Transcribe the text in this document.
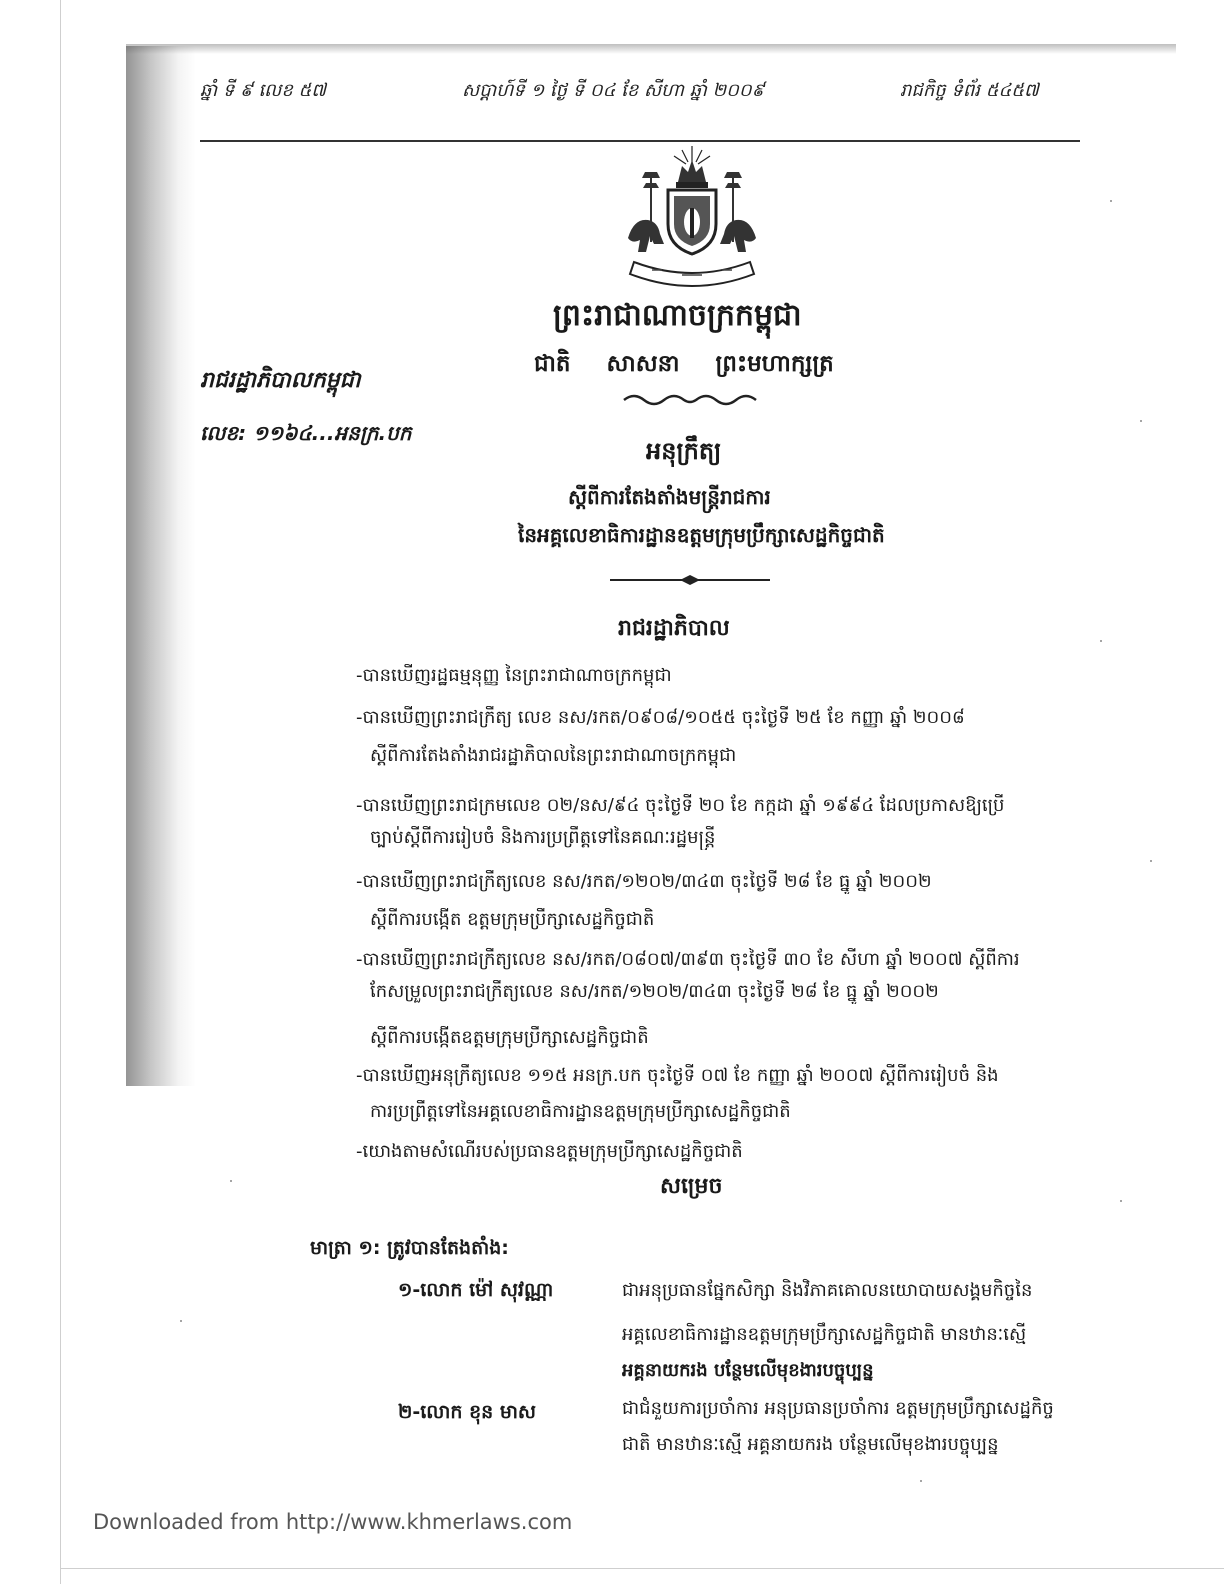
ឆ្នាំ ទី ៩ លេខ ៥៧	សប្តាហ៍ទី ១ ថ្ងៃ ទី ០៤ ខែ សីហា ឆ្នាំ ២០០៩	រាជកិច្ច ទំព័រ ៥៤៥៧
ព្រះរាជាណាចក្រកម្ពុជា
ជាតិ សាសនា ព្រះមហាក្សត្រ
រាជរដ្ឋាភិបាលកម្ពុជា
លេខ: ១១៦៤...អនក្រ.បក
អនុក្រឹត្យ
ស្តីពីការតែងតាំងមន្ត្រីរាជការ
នៃអគ្គលេខាធិការដ្ឋានឧត្តមក្រុមប្រឹក្សាសេដ្ឋកិច្ចជាតិ
រាជរដ្ឋាភិបាល
-បានឃើញរដ្ឋធម្មនុញ្ញ នៃព្រះរាជាណាចក្រកម្ពុជា
-បានឃើញព្រះរាជក្រឹត្យ លេខ នស/រកត/០៩០៨/១០៥៥ ចុះថ្ងៃទី ២៥ ខែ កញ្ញា ឆ្នាំ ២០០៨
ស្តីពីការតែងតាំងរាជរដ្ឋាភិបាលនៃព្រះរាជាណាចក្រកម្ពុជា
-បានឃើញព្រះរាជក្រមលេខ ០២/នស/៩៤ ចុះថ្ងៃទី ២០ ខែ កក្កដា ឆ្នាំ ១៩៩៤ ដែលប្រកាសឱ្យប្រើ
ច្បាប់ស្តីពីការរៀបចំ និងការប្រព្រឹត្តទៅនៃគណៈរដ្ឋមន្ត្រី
-បានឃើញព្រះរាជក្រឹត្យលេខ នស/រកត/១២០២/៣៤៣ ចុះថ្ងៃទី ២៨ ខែ ធ្នូ ឆ្នាំ ២០០២
ស្តីពីការបង្កើត ឧត្តមក្រុមប្រឹក្សាសេដ្ឋកិច្ចជាតិ
-បានឃើញព្រះរាជក្រឹត្យលេខ នស/រកត/០៨០៧/៣៩៣ ចុះថ្ងៃទី ៣០ ខែ សីហា ឆ្នាំ ២០០៧ ស្តីពីការ
កែសម្រួលព្រះរាជក្រឹត្យលេខ នស/រកត/១២០២/៣៤៣ ចុះថ្ងៃទី ២៨ ខែ ធ្នូ ឆ្នាំ ២០០២
ស្តីពីការបង្កើតឧត្តមក្រុមប្រឹក្សាសេដ្ឋកិច្ចជាតិ
-បានឃើញអនុក្រឹត្យលេខ ១១៥ អនក្រ.បក ចុះថ្ងៃទី ០៧ ខែ កញ្ញា ឆ្នាំ ២០០៧ ស្តីពីការរៀបចំ និង
ការប្រព្រឹត្តទៅនៃអគ្គលេខាធិការដ្ឋានឧត្តមក្រុមប្រឹក្សាសេដ្ឋកិច្ចជាតិ
-យោងតាមសំណើរបស់ប្រធានឧត្តមក្រុមប្រឹក្សាសេដ្ឋកិច្ចជាតិ
សម្រេច
មាត្រា ១: ត្រូវបានតែងតាំង:
១-លោក ម៉ៅ សុវណ្ណា	ជាអនុប្រធានផ្នែកសិក្សា និងវិភាគគោលនយោបាយសង្គមកិច្ចនៃ
អគ្គលេខាធិការដ្ឋានឧត្តមក្រុមប្រឹក្សាសេដ្ឋកិច្ចជាតិ មានឋានៈស្មើ
អគ្គនាយករង បន្ថែមលើមុខងារបច្ចុប្បន្ន
២-លោក ខុន មាស	ជាជំនួយការប្រចាំការ អនុប្រធានប្រចាំការ ឧត្តមក្រុមប្រឹក្សាសេដ្ឋកិច្ច
ជាតិ មានឋានៈស្មើ អគ្គនាយករង បន្ថែមលើមុខងារបច្ចុប្បន្ន
Downloaded from http://www.khmerlaws.com
